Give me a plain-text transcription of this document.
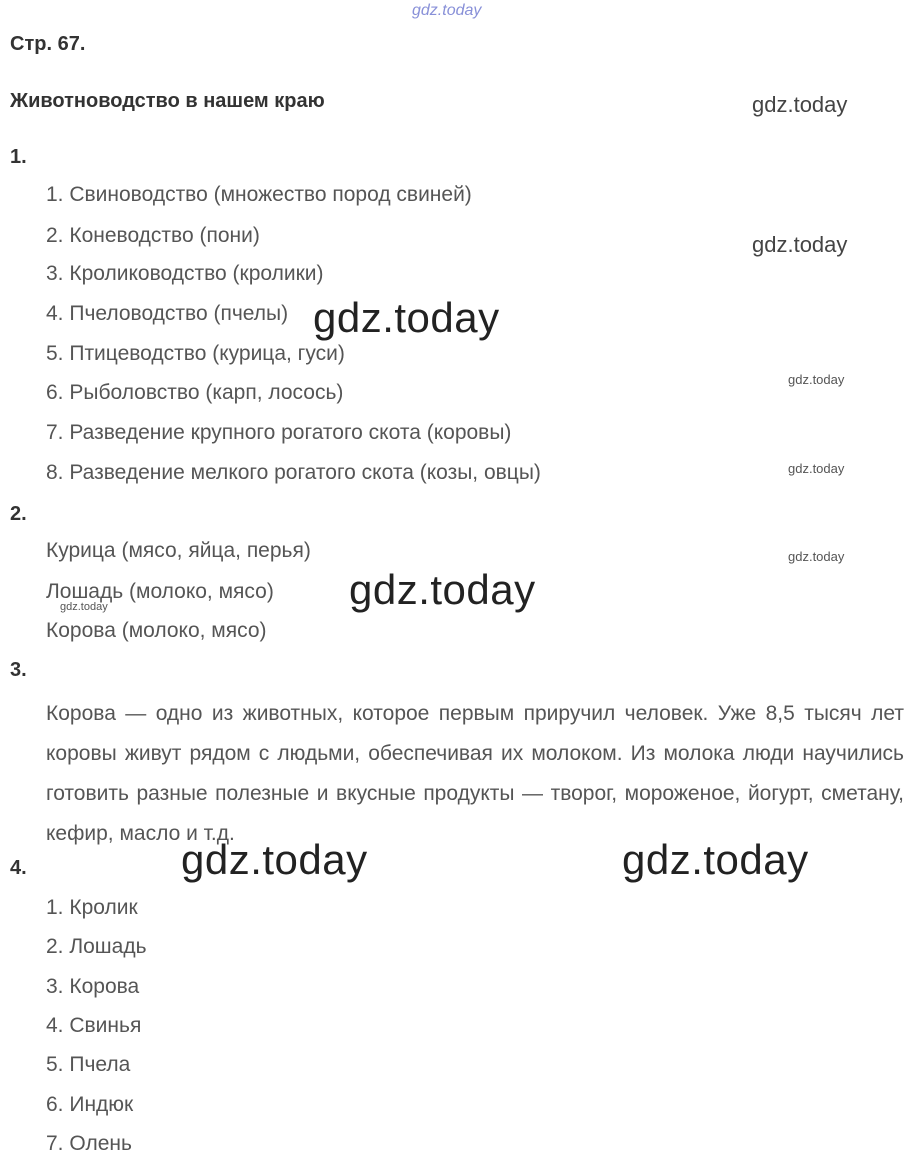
gdz.today
gdz.today
gdz.today
gdz.today
gdz.today
gdz.today
gdz.today
gdz.today
gdz.today
gdz.today	gdz.today
Стр. 67.
Животноводство в нашем краю
1.
1. Свиноводство (множество пород свиней)
2. Коневодство (пони)
3. Кролиководство (кролики)
4. Пчеловодство (пчелы)
5. Птицеводство (курица, гуси)
6. Рыболовство (карп, лосось)
7. Разведение крупного рогатого скота (коровы)
8. Разведение мелкого рогатого скота (козы, овцы)
2.
Курица (мясо, яйца, перья)
Лошадь (молоко, мясо)
Корова (молоко, мясо)
3.
Корова — одно из животных, которое первым приручил человек. Уже 8,5 тысяч лет коровы живут рядом с людьми, обеспечивая их молоком. Из молока люди научились готовить разные полезные и вкусные продукты — творог, мороженое, йогурт, сметану, кефир, масло и т.д.
4.
1. Кролик
2. Лошадь
3. Корова
4. Свинья
5. Пчела
6. Индюк
7. Олень
gdz.today
